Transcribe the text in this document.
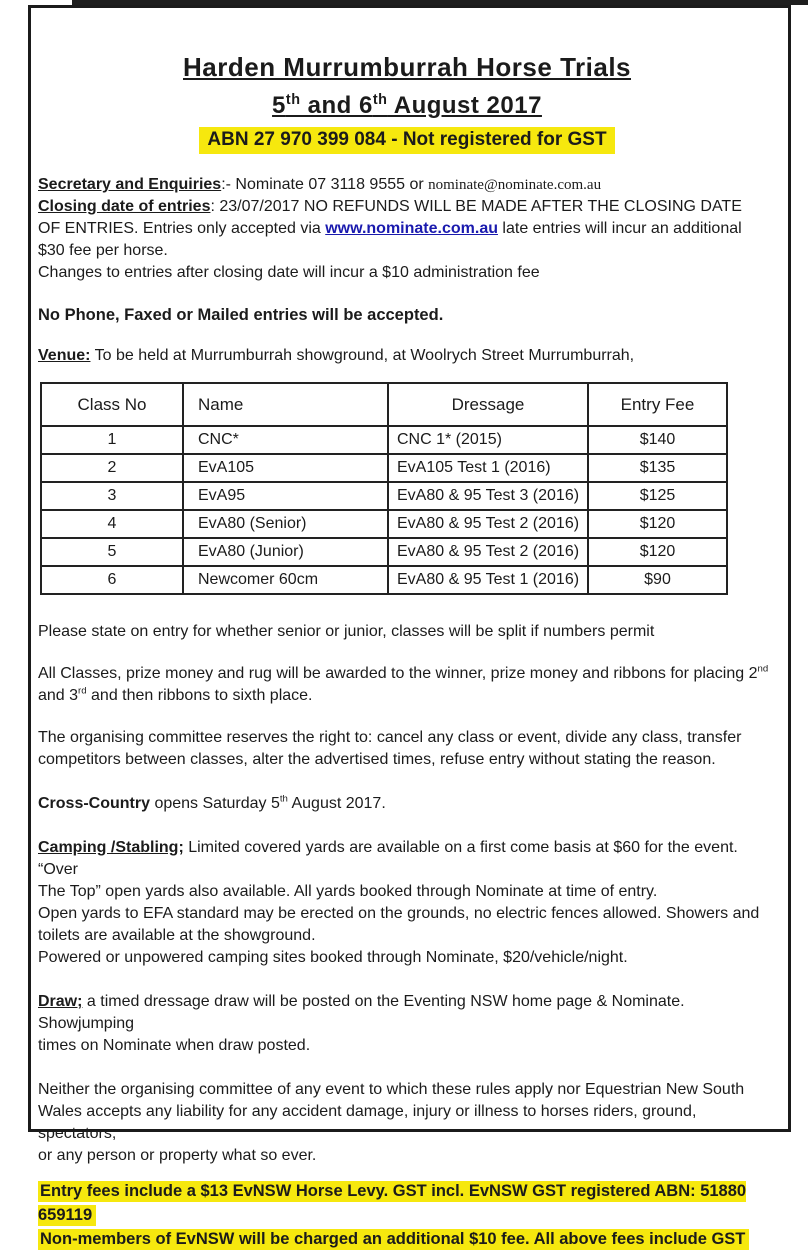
Harden Murrumburrah Horse Trials
5th and 6th August 2017
ABN 27 970 399 084 - Not registered for GST

Secretary and Enquiries:- Nominate 07 3118 9555 or nominate@nominate.com.au

Closing date of entries: 23/07/2017 NO REFUNDS WILL BE MADE AFTER THE CLOSING DATE
OF ENTRIES. Entries only accepted via www.nominate.com.au late entries will incur an additional
$30 fee per horse.
Changes to entries after closing date will incur a $10 administration fee

No Phone, Faxed or Mailed entries will be accepted.

Venue: To be held at Murrumburrah showground, at Woolrych Street Murrumburrah,

Class No	Name	Dressage	Entry Fee
1	CNC*	CNC 1* (2015)	$140
2	EvA105	EvA105 Test 1 (2016)	$135
3	EvA95	EvA80 & 95 Test 3 (2016)	$125
4	EvA80 (Senior)	EvA80 & 95 Test 2 (2016)	$120
5	EvA80 (Junior)	EvA80 & 95 Test 2 (2016)	$120
6	Newcomer 60cm	EvA80 & 95 Test 1 (2016)	$90

Please state on entry for whether senior or junior, classes will be split if numbers permit

All Classes, prize money and rug will be awarded to the winner, prize money and ribbons for placing 2nd
and 3rd and then ribbons to sixth place.

The organising committee reserves the right to: cancel any class or event, divide any class, transfer
competitors between classes, alter the advertised times, refuse entry without stating the reason.

Cross-Country opens Saturday 5th August 2017.

Camping /Stabling; Limited covered yards are available on a first come basis at $60 for the event. “Over
The Top” open yards also available. All yards booked through Nominate at time of entry.
Open yards to EFA standard may be erected on the grounds, no electric fences allowed. Showers and
toilets are available at the showground.
Powered or unpowered camping sites booked through Nominate, $20/vehicle/night.

Draw; a timed dressage draw will be posted on the Eventing NSW home page & Nominate. Showjumping
times on Nominate when draw posted.

Neither the organising committee of any event to which these rules apply nor Equestrian New South
Wales accepts any liability for any accident damage, injury or illness to horses riders, ground, spectators,
or any person or property what so ever.

Entry fees include a $13 EvNSW Horse Levy. GST incl. EvNSW GST registered ABN: 51880 659119

Non-members of EvNSW will be charged an additional $10 fee. All above fees include GST
